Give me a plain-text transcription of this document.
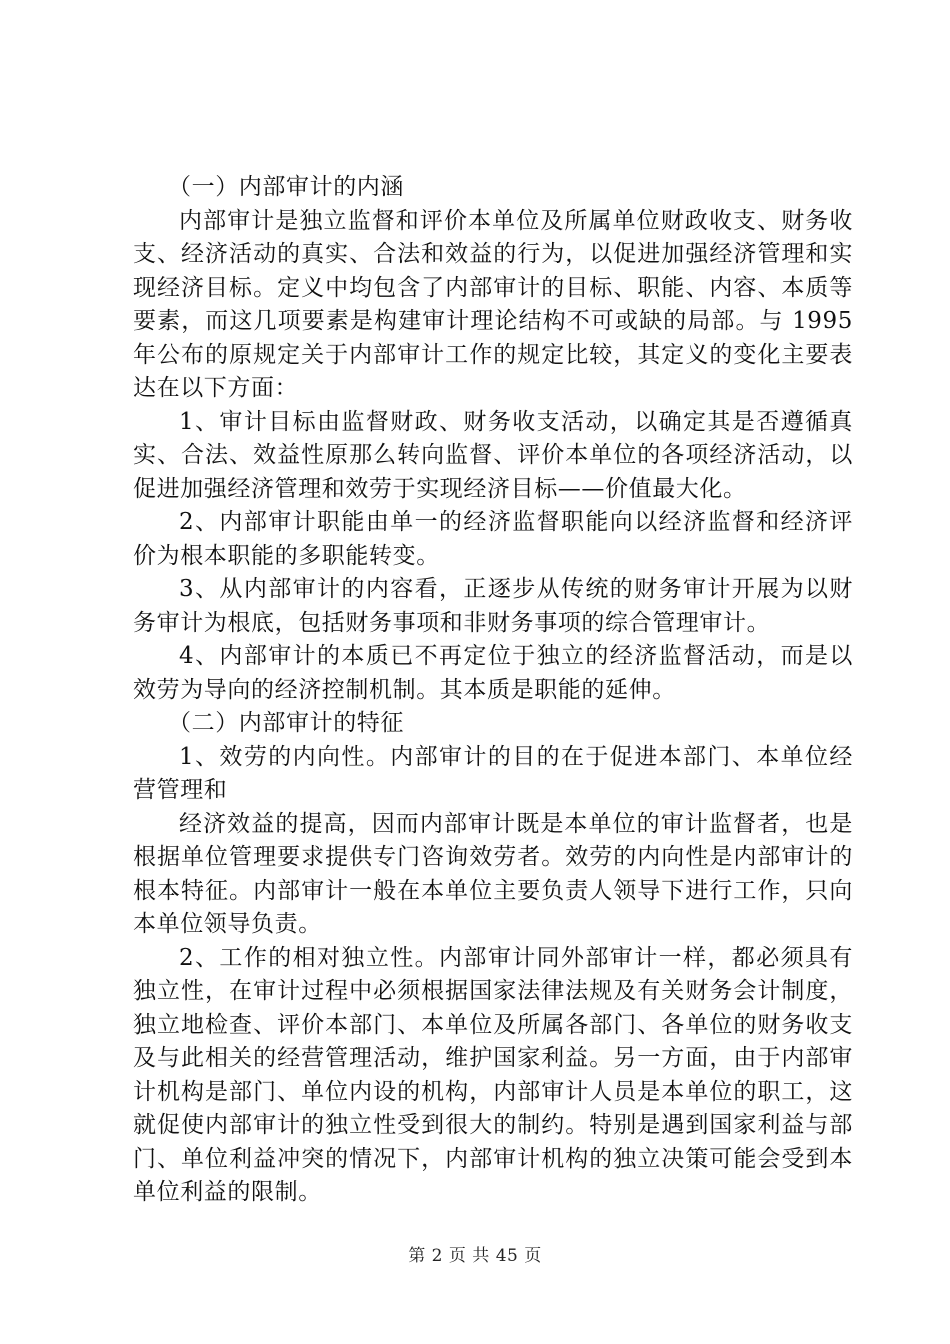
（一）内部审计的内涵

内部审计是独立监督和评价本单位及所属单位财政收支、财务收支、经济活动的真实、合法和效益的行为，以促进加强经济管理和实现经济目标。定义中均包含了内部审计的目标、职能、内容、本质等要素，而这几项要素是构建审计理论结构不可或缺的局部。与 1995 年公布的原规定关于内部审计工作的规定比较，其定义的变化主要表达在以下方面：

1、审计目标由监督财政、财务收支活动，以确定其是否遵循真实、合法、效益性原那么转向监督、评价本单位的各项经济活动，以促进加强经济管理和效劳于实现经济目标——价值最大化。

2、内部审计职能由单一的经济监督职能向以经济监督和经济评价为根本职能的多职能转变。

3、从内部审计的内容看，正逐步从传统的财务审计开展为以财务审计为根底，包括财务事项和非财务事项的综合管理审计。

4、内部审计的本质已不再定位于独立的经济监督活动，而是以效劳为导向的经济控制机制。其本质是职能的延伸。

（二）内部审计的特征

1、效劳的内向性。内部审计的目的在于促进本部门、本单位经营管理和

经济效益的提高，因而内部审计既是本单位的审计监督者，也是根据单位管理要求提供专门咨询效劳者。效劳的内向性是内部审计的根本特征。内部审计一般在本单位主要负责人领导下进行工作，只向本单位领导负责。

2、工作的相对独立性。内部审计同外部审计一样，都必须具有独立性，在审计过程中必须根据国家法律法规及有关财务会计制度，独立地检查、评价本部门、本单位及所属各部门、各单位的财务收支及与此相关的经营管理活动，维护国家利益。另一方面，由于内部审计机构是部门、单位内设的机构，内部审计人员是本单位的职工，这就促使内部审计的独立性受到很大的制约。特别是遇到国家利益与部门、单位利益冲突的情况下，内部审计机构的独立决策可能会受到本单位利益的限制。

第 2 页 共 45 页
